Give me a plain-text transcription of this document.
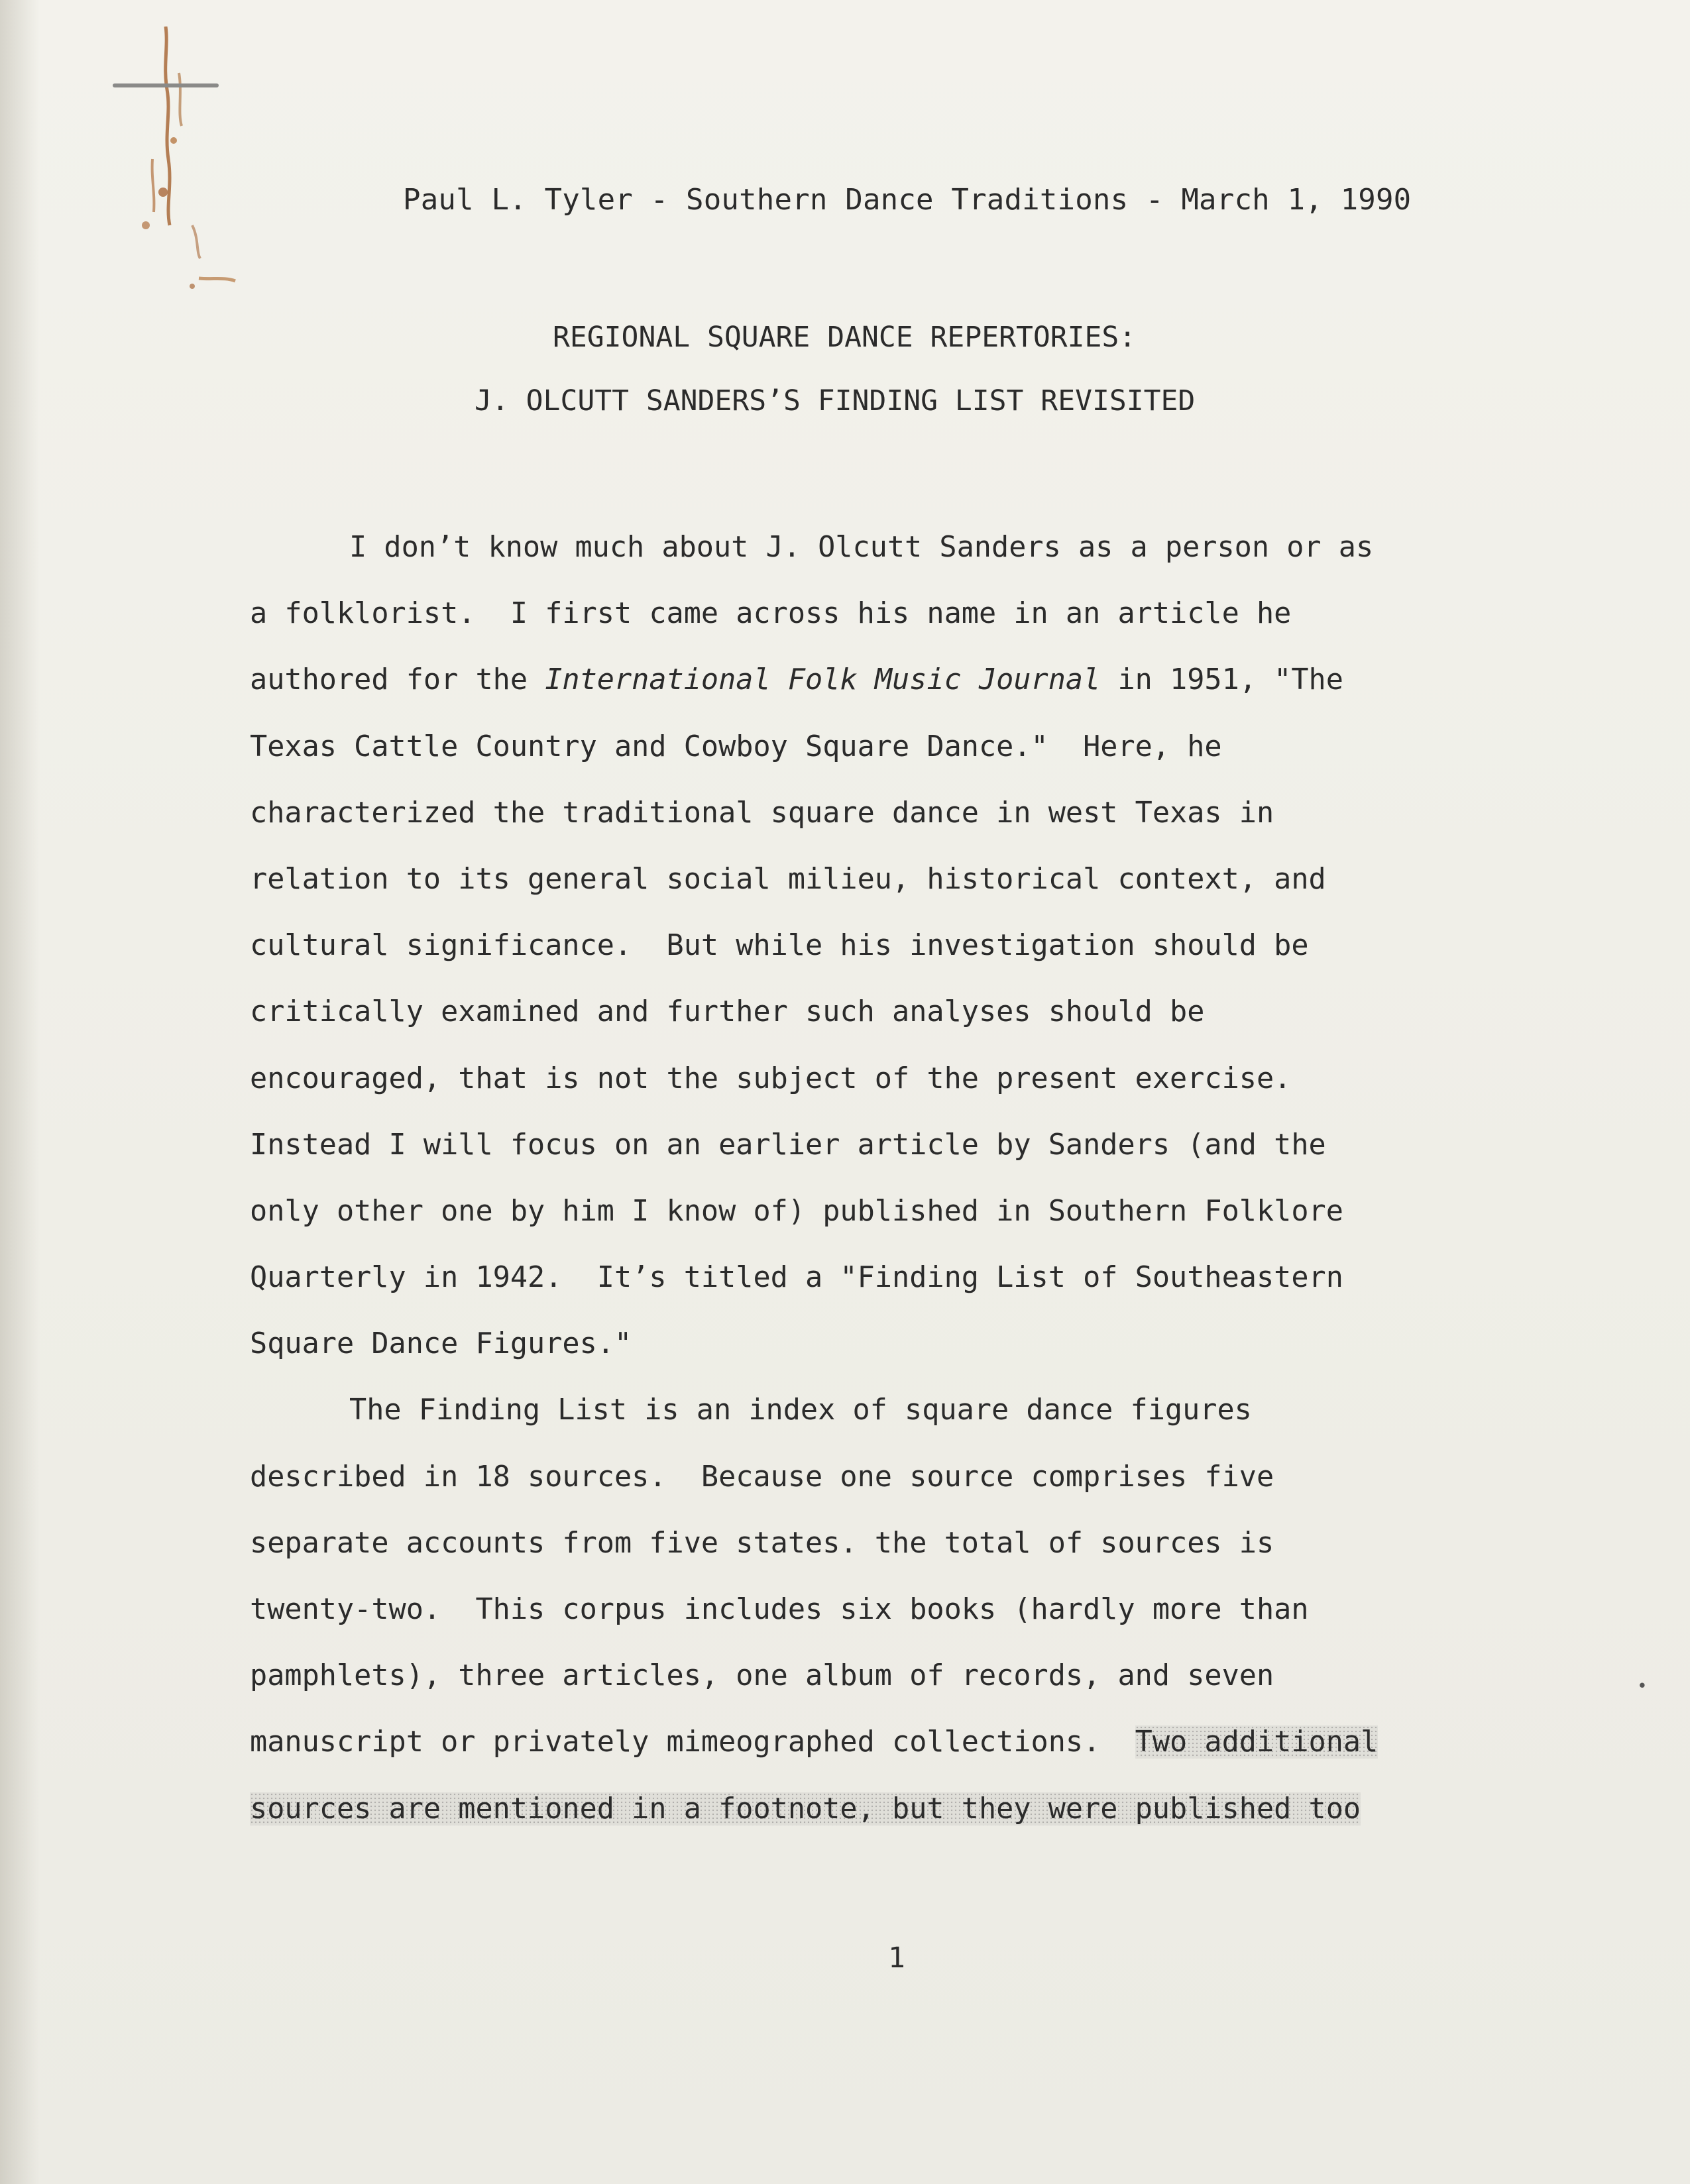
Paul L. Tyler - Southern Dance Traditions - March 1, 1990
REGIONAL SQUARE DANCE REPERTORIES:
J. OLCUTT SANDERS’S FINDING LIST REVISITED
I don’t know much about J. Olcutt Sanders as a person or as
a folklorist.  I first came across his name in an article he
authored for the International Folk Music Journal in 1951, "The
Texas Cattle Country and Cowboy Square Dance."  Here, he
characterized the traditional square dance in west Texas in
relation to its general social milieu, historical context, and
cultural significance.  But while his investigation should be
critically examined and further such analyses should be
encouraged, that is not the subject of the present exercise.
Instead I will focus on an earlier article by Sanders (and the
only other one by him I know of) published in Southern Folklore
Quarterly in 1942.  It’s titled a "Finding List of Southeastern
Square Dance Figures."
The Finding List is an index of square dance figures
described in 18 sources.  Because one source comprises five
separate accounts from five states. the total of sources is
twenty-two.  This corpus includes six books (hardly more than
pamphlets), three articles, one album of records, and seven
manuscript or privately mimeographed collections.  Two additional
sources are mentioned in a footnote, but they were published too
1
•
